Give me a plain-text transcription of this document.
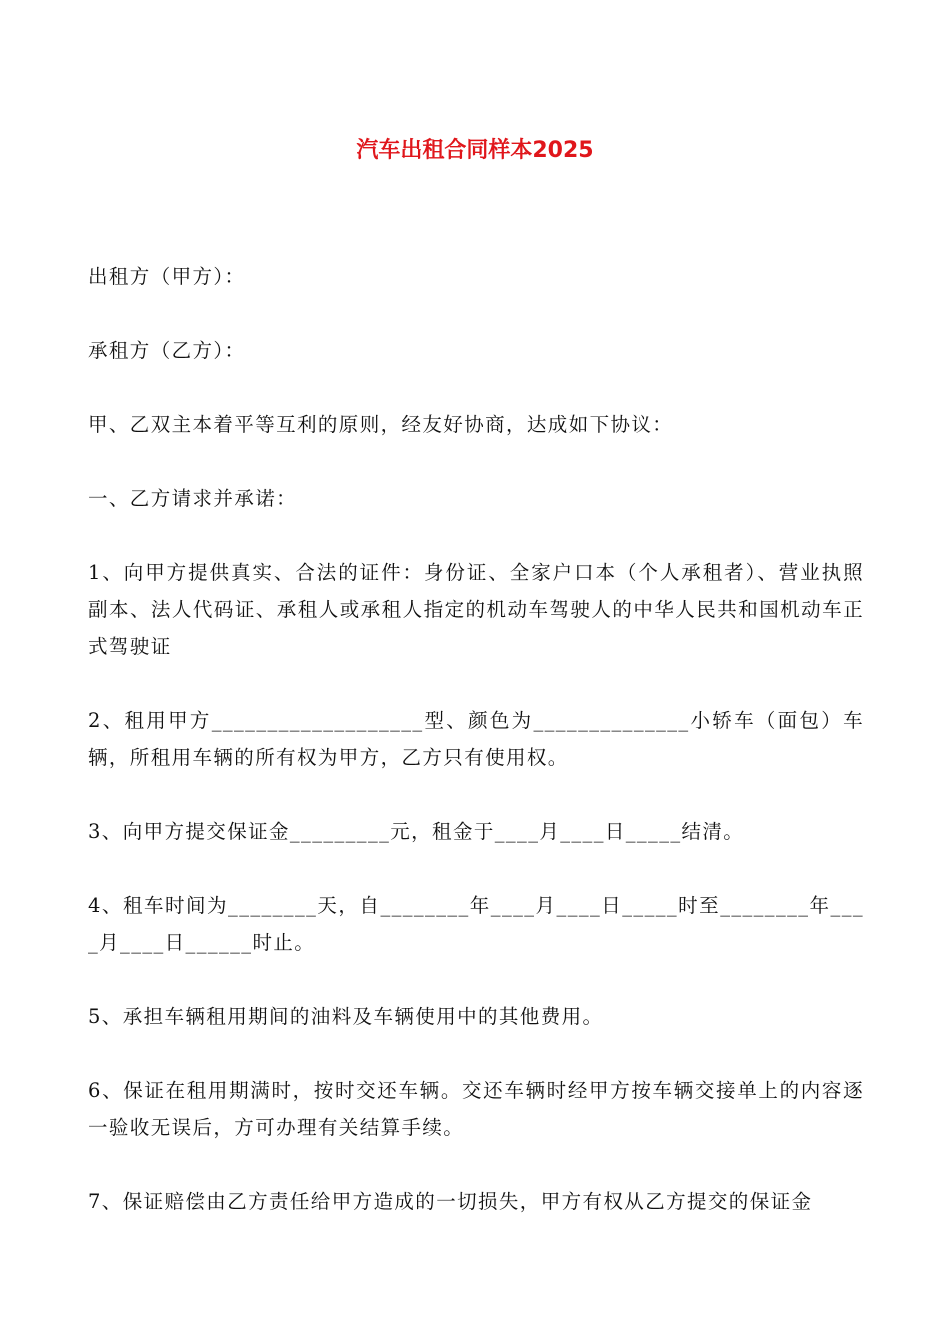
汽车出租合同样本2025

出租方（甲方）：

承租方（乙方）：

甲、乙双主本着平等互利的原则，经友好协商，达成如下协议：

一、乙方请求并承诺：

1、向甲方提供真实、合法的证件：身份证、全家户口本（个人承租者）、营业执照副本、法人代码证、承租人或承租人指定的机动车驾驶人的中华人民共和国机动车正式驾驶证

2、租用甲方___________________型、颜色为______________小轿车（面包）车辆，所租用车辆的所有权为甲方，乙方只有使用权。

3、向甲方提交保证金_________元，租金于____月____日_____结清。

4、租车时间为________天，自________年____月____日_____时至________年____月____日______时止。

5、承担车辆租用期间的油料及车辆使用中的其他费用。

6、保证在租用期满时，按时交还车辆。交还车辆时经甲方按车辆交接单上的内容逐一验收无误后，方可办理有关结算手续。

7、保证赔偿由乙方责任给甲方造成的一切损失，甲方有权从乙方提交的保证金
